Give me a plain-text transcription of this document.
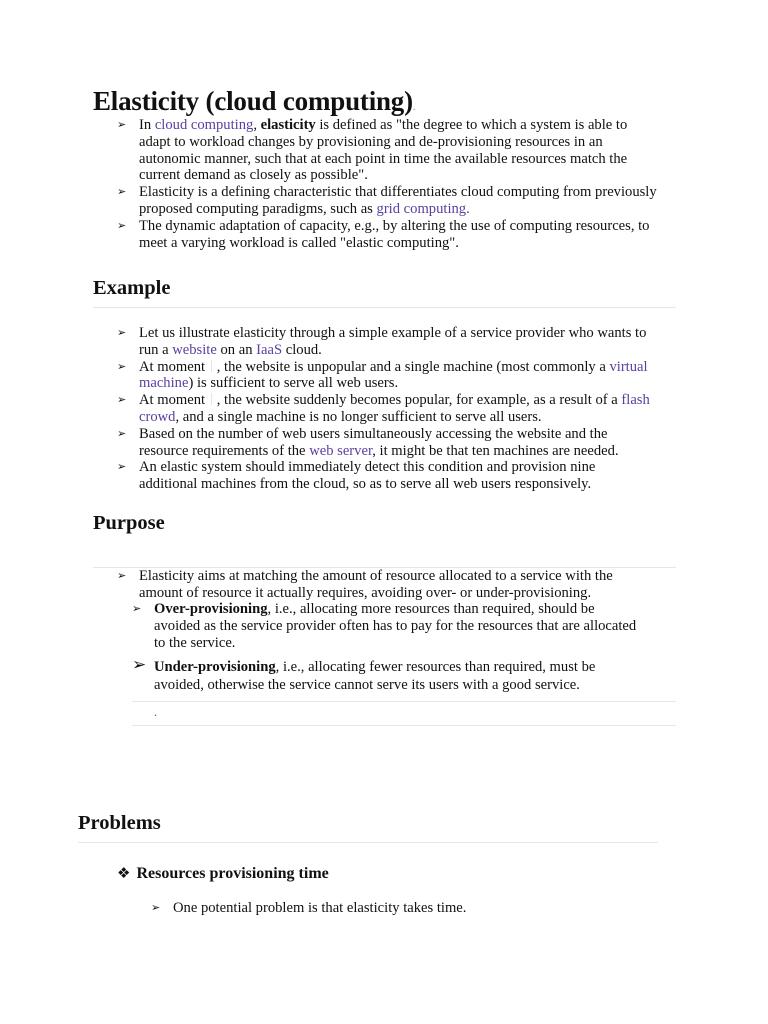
Elasticity (cloud computing).
➢ In cloud computing, elasticity is defined as "the degree to which a system is able to adapt to workload changes by provisioning and de-provisioning resources in an autonomic manner, such that at each point in time the available resources match the current demand as closely as possible".
➢ Elasticity is a defining characteristic that differentiates cloud computing from previously proposed computing paradigms, such as grid computing.
➢ The dynamic adaptation of capacity, e.g., by altering the use of computing resources, to meet a varying workload is called "elastic computing".
Example
➢ Let us illustrate elasticity through a simple example of a service provider who wants to run a website on an IaaS cloud.
➢ At moment , the website is unpopular and a single machine (most commonly a virtual machine) is sufficient to serve all web users.
➢ At moment , the website suddenly becomes popular, for example, as a result of a flash crowd, and a single machine is no longer sufficient to serve all users.
➢ Based on the number of web users simultaneously accessing the website and the resource requirements of the web server, it might be that ten machines are needed.
➢ An elastic system should immediately detect this condition and provision nine additional machines from the cloud, so as to serve all web users responsively.
Purpose
➢ Elasticity aims at matching the amount of resource allocated to a service with the amount of resource it actually requires, avoiding over- or under-provisioning.
➢ Over-provisioning, i.e., allocating more resources than required, should be avoided as the service provider often has to pay for the resources that are allocated to the service.
➢ Under-provisioning, i.e., allocating fewer resources than required, must be avoided, otherwise the service cannot serve its users with a good service.
.
Problems
❖ Resources provisioning time
➢ One potential problem is that elasticity takes time.
